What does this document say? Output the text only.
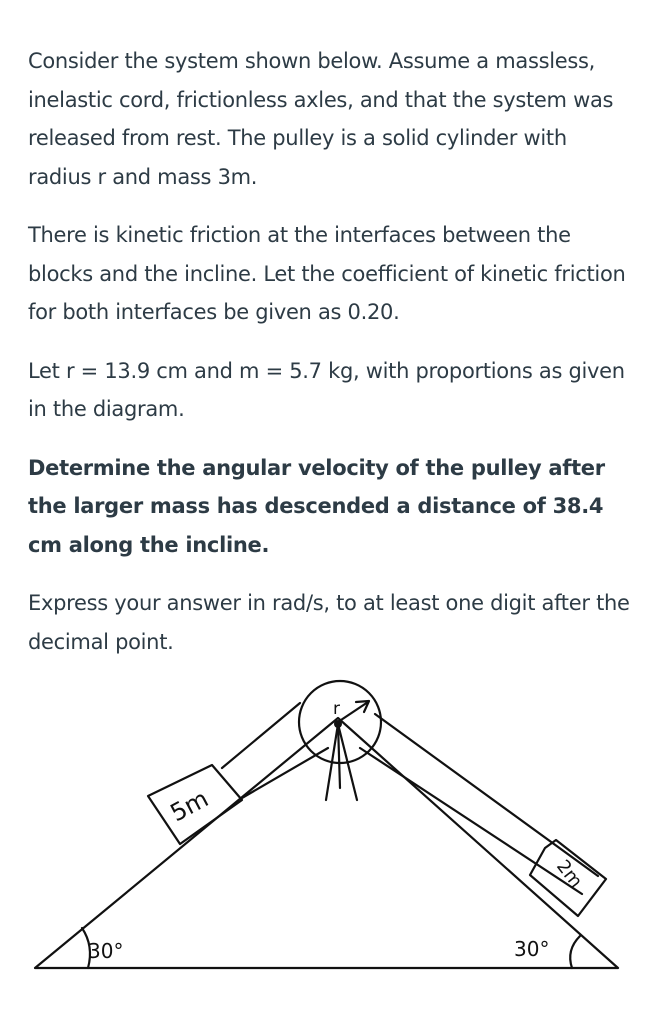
Consider the system shown below. Assume a massless, inelastic cord, frictionless axles, and that the system was released from rest. The pulley is a solid cylinder with radius r and mass 3m.

There is kinetic friction at the interfaces between the blocks and the incline. Let the coefficient of kinetic friction for both interfaces be given as 0.20.

Let r = 13.9 cm and m = 5.7 kg, with proportions as given in the diagram.

Determine the angular velocity of the pulley after the larger mass has descended a distance of 38.4 cm along the incline.

Express your answer in rad/s, to at least one digit after the decimal point.

r
5m
2m
30°	30°
